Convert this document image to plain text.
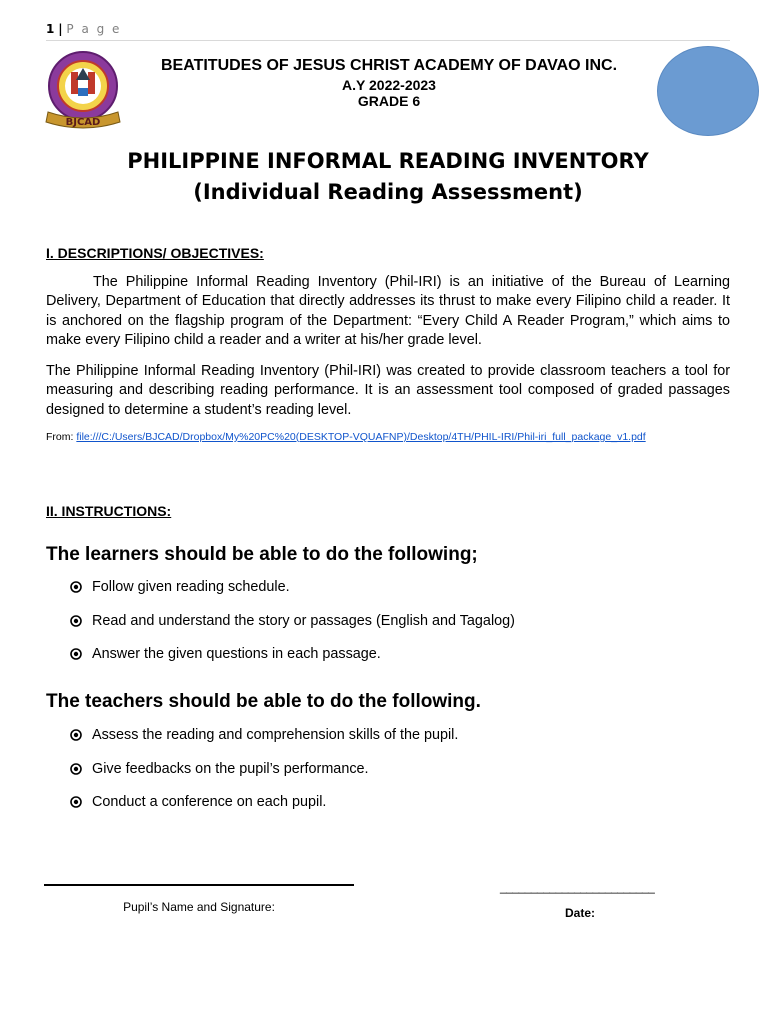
1 | P a g e
BJCAD
BEATITUDES OF JESUS CHRIST ACADEMY OF DAVAO INC.
A.Y 2022-2023
GRADE 6
PHILIPPINE INFORMAL READING INVENTORY
(Individual Reading Assessment)
I. DESCRIPTIONS/ OBJECTIVES:
The Philippine Informal Reading Inventory (Phil-IRI) is an initiative of the Bureau of Learning Delivery, Department of Education that directly addresses its thrust to make every Filipino child a reader. It is anchored on the flagship program of the Department: “Every Child A Reader Program,” which aims to make every Filipino child a reader and a writer at his/her grade level.
The Philippine Informal Reading Inventory (Phil-IRI) was created to provide classroom teachers a tool for measuring and describing reading performance. It is an assessment tool composed of graded passages designed to determine a student’s reading level.
From: file:///C:/Users/BJCAD/Dropbox/My%20PC%20(DESKTOP-VQUAFNP)/Desktop/4TH/PHIL-IRI/Phil-iri_full_package_v1.pdf
II. INSTRUCTIONS:
The learners should be able to do the following;
Follow given reading schedule.
Read and understand the story or passages (English and Tagalog)
Answer the given questions in each passage.
The teachers should be able to do the following.
Assess the reading and comprehension skills of the pupil.
Give feedbacks on the pupil’s performance.
Conduct a conference on each pupil.
Pupil’s Name and Signature:
_________________________
Date:
